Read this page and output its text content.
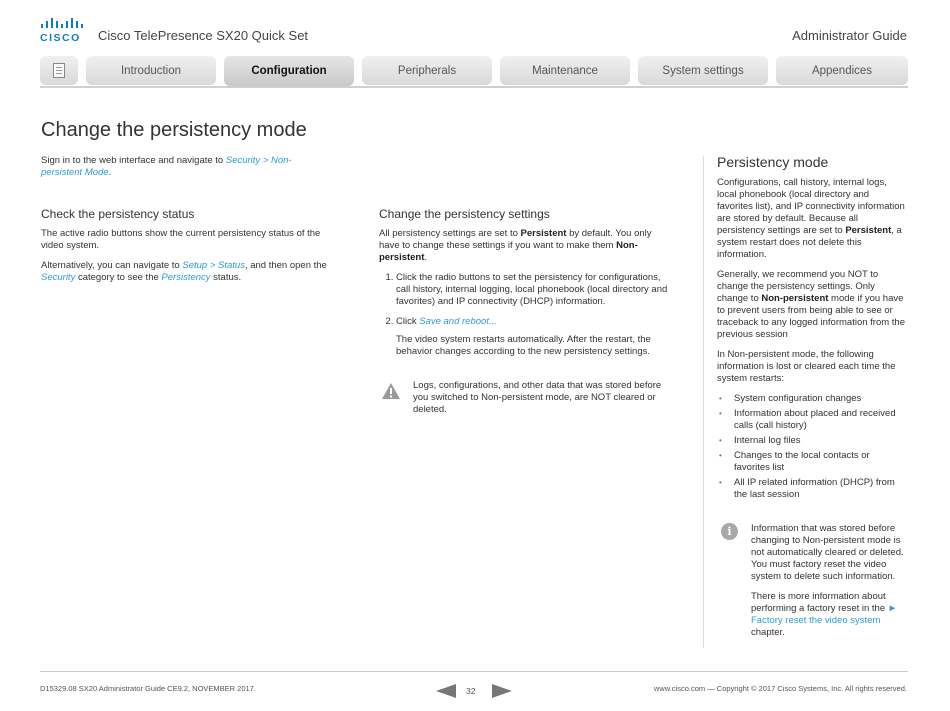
CISCO Cisco TelePresence SX20 Quick Set	Administrator Guide
Introduction	Configuration	Peripherals	Maintenance	System settings	Appendices
Change the persistency mode
Sign in to the web interface and navigate to Security > Non-persistent Mode.
Check the persistency status

The active radio buttons show the current persistency status of the video system.

Alternatively, you can navigate to Setup > Status, and then open the Security category to see the Persistency status.

Change the persistency settings

All persistency settings are set to Persistent by default. You only have to change these settings if you want to make them Non-persistent.

1. Click the radio buttons to set the persistency for configurations, call history, internal logging, local phonebook (local directory and favorites) and IP connectivity (DHCP) information.

2. Click Save and reboot...

The video system restarts automatically. After the restart, the behavior changes according to the new persistency settings.

Logs, configurations, and other data that was stored before you switched to Non-persistent mode, are NOT cleared or deleted.
Persistency mode

Configurations, call history, internal logs, local phonebook (local directory and favorites list), and IP connectivity information are stored by default. Because all persistency settings are set to Persistent, a system restart does not delete this information.

Generally, we recommend you NOT to change the persistency settings. Only change to Non-persistent mode if you have to prevent users from being able to see or traceback to any logged information from the previous session

In Non-persistent mode, the following information is lost or cleared each time the system restarts:

• System configuration changes
• Information about placed and received calls (call history)
• Internal log files
• Changes to the local contacts or favorites list
• All IP related information (DHCP) from the last session
i	Information that was stored before changing to Non-persistent mode is not automatically cleared or deleted. You must factory reset the video system to delete such information.

There is more information about performing a factory reset in the ► Factory reset the video system chapter.

D15329.08 SX20 Administrator Guide CE9.2, NOVEMBER 2017.	32	www.cisco.com — Copyright © 2017 Cisco Systems, Inc. All rights reserved.
